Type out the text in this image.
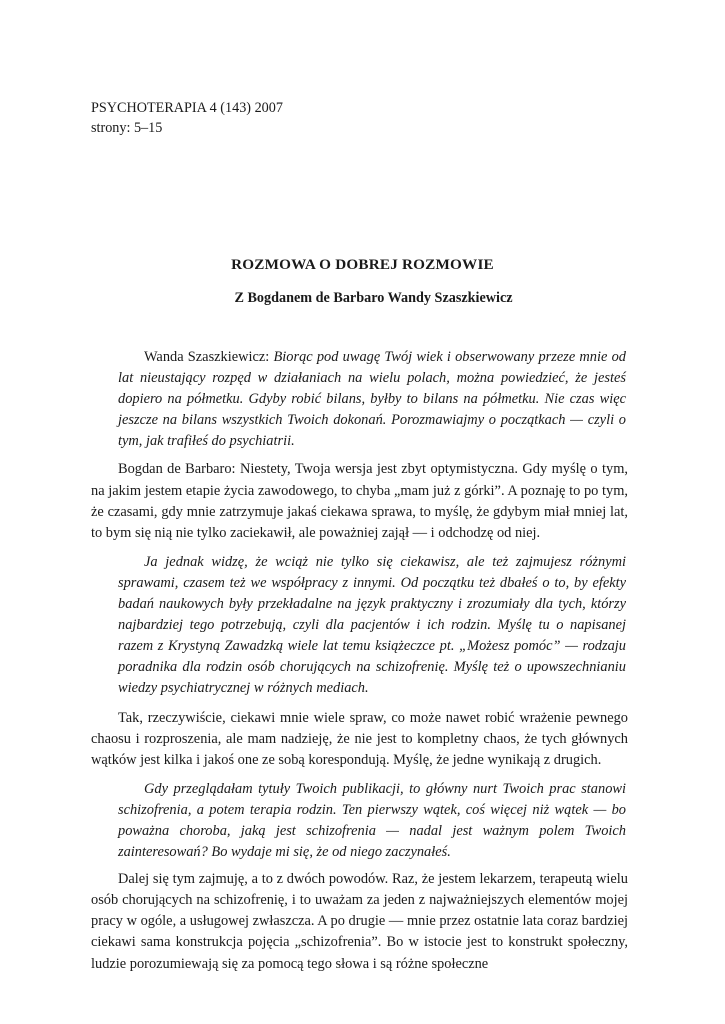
PSYCHOTERAPIA 4 (143) 2007
strony: 5–15
ROZMOWA O DOBREJ ROZMOWIE
Z Bogdanem de Barbaro Wandy Szaszkiewicz
Wanda Szaszkiewicz: Biorąc pod uwagę Twój wiek i obserwowany przeze mnie od lat nieustający rozpęd w działaniach na wielu polach, można powiedzieć, że jesteś dopiero na półmetku. Gdyby robić bilans, byłby to bilans na półmetku. Nie czas więc jeszcze na bilans wszystkich Twoich dokonań. Porozmawiajmy o początkach — czyli o tym, jak trafiłeś do psychiatrii.
Bogdan de Barbaro: Niestety, Twoja wersja jest zbyt optymistyczna. Gdy myślę o tym, na jakim jestem etapie życia zawodowego, to chyba „mam już z górki”. A poznaję to po tym, że czasami, gdy mnie zatrzymuje jakaś ciekawa sprawa, to myślę, że gdybym miał mniej lat, to bym się nią nie tylko zaciekawił, ale poważniej zajął — i odchodzę od niej.
Ja jednak widzę, że wciąż nie tylko się ciekawisz, ale też zajmujesz różnymi sprawami, czasem też we współpracy z innymi. Od początku też dbałeś o to, by efekty badań naukowych były przekładalne na język praktyczny i zrozumiały dla tych, którzy najbardziej tego potrzebują, czyli dla pacjentów i ich rodzin. Myślę tu o napisanej razem z Krystyną Zawadzką wiele lat temu książeczce pt. „Możesz pomóc” — rodzaju poradnika dla rodzin osób chorujących na schizofrenię. Myślę też o upowszechnianiu wiedzy psychiatrycznej w różnych mediach.
Tak, rzeczywiście, ciekawi mnie wiele spraw, co może nawet robić wrażenie pewnego chaosu i rozproszenia, ale mam nadzieję, że nie jest to kompletny chaos, że tych głównych wątków jest kilka i jakoś one ze sobą korespondują. Myślę, że jedne wynikają z drugich.
Gdy przeglądałam tytuły Twoich publikacji, to główny nurt Twoich prac stanowi schizofrenia, a potem terapia rodzin. Ten pierwszy wątek, coś więcej niż wątek — bo poważna choroba, jaką jest schizofrenia — nadal jest ważnym polem Twoich zainteresowań? Bo wydaje mi się, że od niego zaczynałeś.
Dalej się tym zajmuję, a to z dwóch powodów. Raz, że jestem lekarzem, terapeutą wielu osób chorujących na schizofrenię, i to uważam za jeden z najważniejszych elementów mojej pracy w ogóle, a usługowej zwłaszcza. A po drugie — mnie przez ostatnie lata coraz bardziej ciekawi sama konstrukcja pojęcia „schizofrenia”. Bo w istocie jest to konstrukt społeczny, ludzie porozumiewają się za pomocą tego słowa i są różne społeczne
